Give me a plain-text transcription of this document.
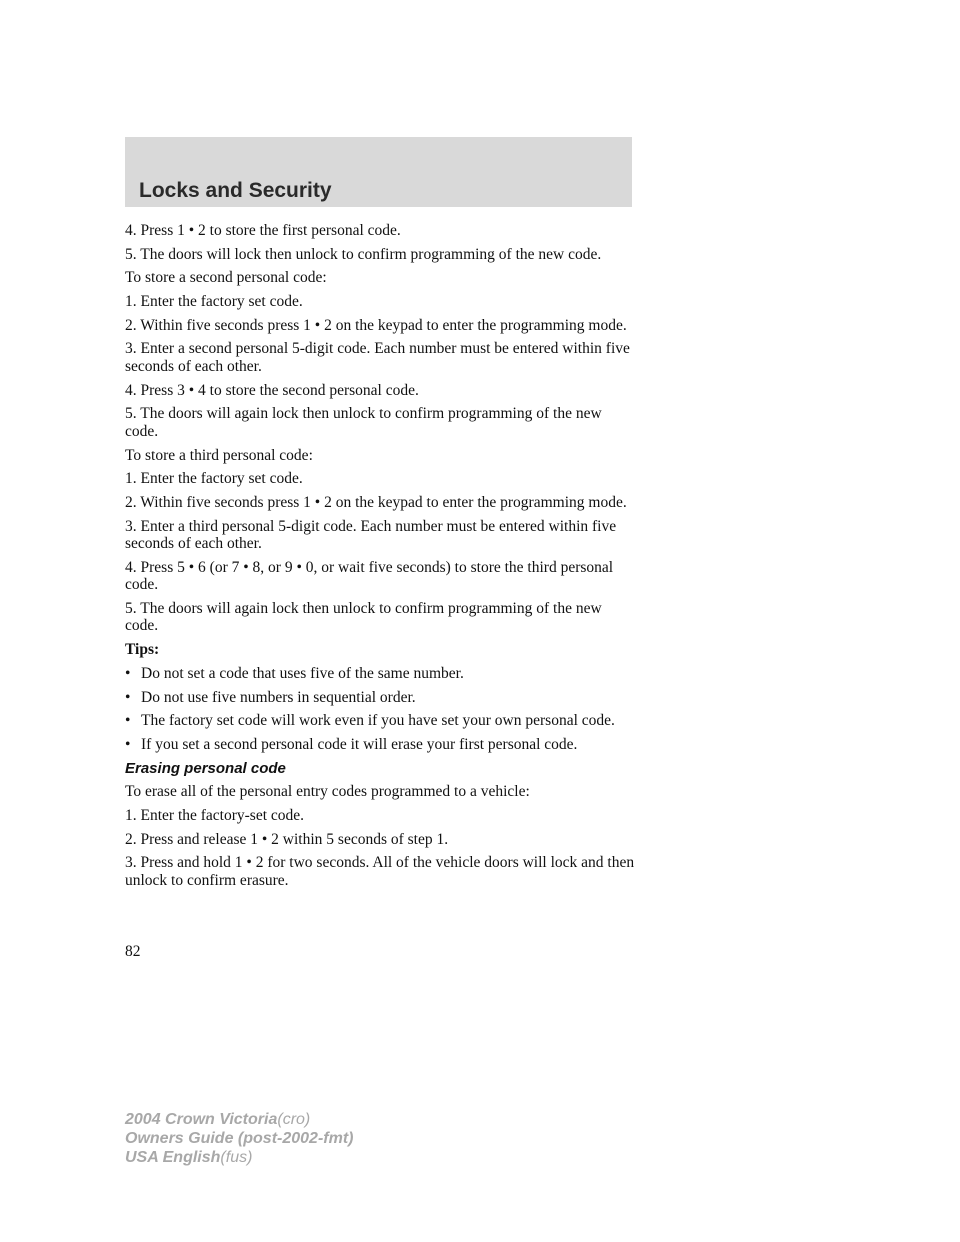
Locks and Security

4. Press 1 • 2 to store the first personal code.

5. The doors will lock then unlock to confirm programming of the new code.

To store a second personal code:

1. Enter the factory set code.

2. Within five seconds press 1 • 2 on the keypad to enter the programming mode.

3. Enter a second personal 5-digit code. Each number must be entered within five seconds of each other.

4. Press 3 • 4 to store the second personal code.

5. The doors will again lock then unlock to confirm programming of the new code.

To store a third personal code:

1. Enter the factory set code.

2. Within five seconds press 1 • 2 on the keypad to enter the programming mode.

3. Enter a third personal 5-digit code. Each number must be entered within five seconds of each other.

4. Press 5 • 6 (or 7 • 8, or 9 • 0, or wait five seconds) to store the third personal code.

5. The doors will again lock then unlock to confirm programming of the new code.

Tips:

• Do not set a code that uses five of the same number.
• Do not use five numbers in sequential order.
• The factory set code will work even if you have set your own personal code.
• If you set a second personal code it will erase your first personal code.

Erasing personal code

To erase all of the personal entry codes programmed to a vehicle:

1. Enter the factory-set code.

2. Press and release 1 • 2 within 5 seconds of step 1.

3. Press and hold 1 • 2 for two seconds. All of the vehicle doors will lock and then unlock to confirm erasure.

82
2004 Crown Victoria(cro)
Owners Guide (post-2002-fmt)
USA English(fus)
